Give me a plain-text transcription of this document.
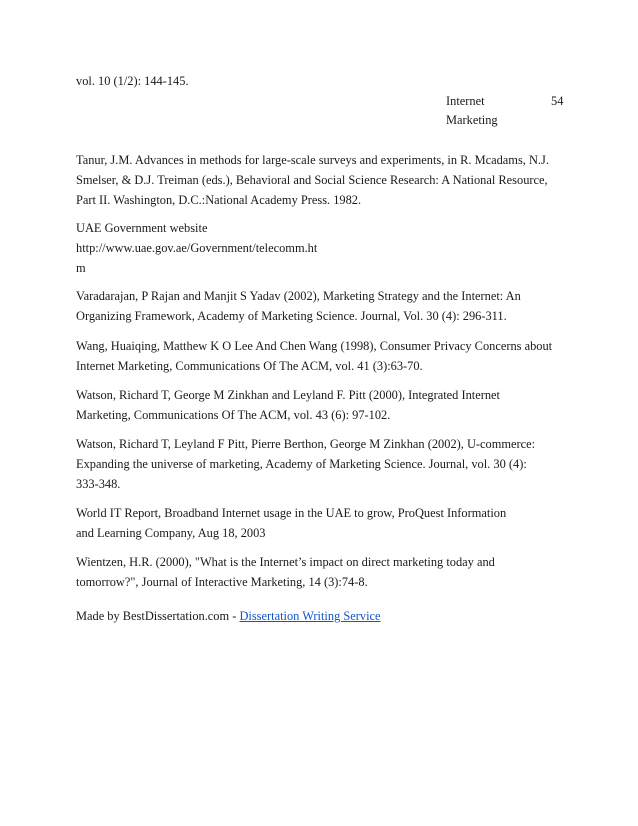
vol. 10 (1/2): 144-145.
Internet
Marketing
54
Tanur, J.M. Advances in methods for large-scale surveys and experiments, in R. Mcadams, N.J.
Smelser, & D.J. Treiman (eds.), Behavioral and Social Science Research: A National Resource,
Part II. Washington, D.C.:National Academy Press. 1982.
UAE Government website
http://www.uae.gov.ae/Government/telecomm.ht
m
Varadarajan, P Rajan and Manjit S Yadav (2002), Marketing Strategy and the Internet: An
Organizing Framework, Academy of Marketing Science. Journal, Vol. 30 (4): 296-311.
Wang, Huaiqing, Matthew K O Lee And Chen Wang (1998), Consumer Privacy Concerns about
Internet Marketing, Communications Of The ACM, vol. 41 (3):63-70.
Watson, Richard T, George M Zinkhan and Leyland F. Pitt (2000), Integrated Internet
Marketing, Communications Of The ACM, vol. 43 (6): 97-102.
Watson, Richard T, Leyland F Pitt, Pierre Berthon, George M Zinkhan (2002), U-commerce:
Expanding the universe of marketing, Academy of Marketing Science. Journal, vol. 30 (4):
333-348.
World IT Report, Broadband Internet usage in the UAE to grow, ProQuest Information
and Learning Company, Aug 18, 2003
Wientzen, H.R. (2000), "What is the Internet’s impact on direct marketing today and
tomorrow?", Journal of Interactive Marketing, 14 (3):74-8.
Made by BestDissertation.com - Dissertation Writing Service
